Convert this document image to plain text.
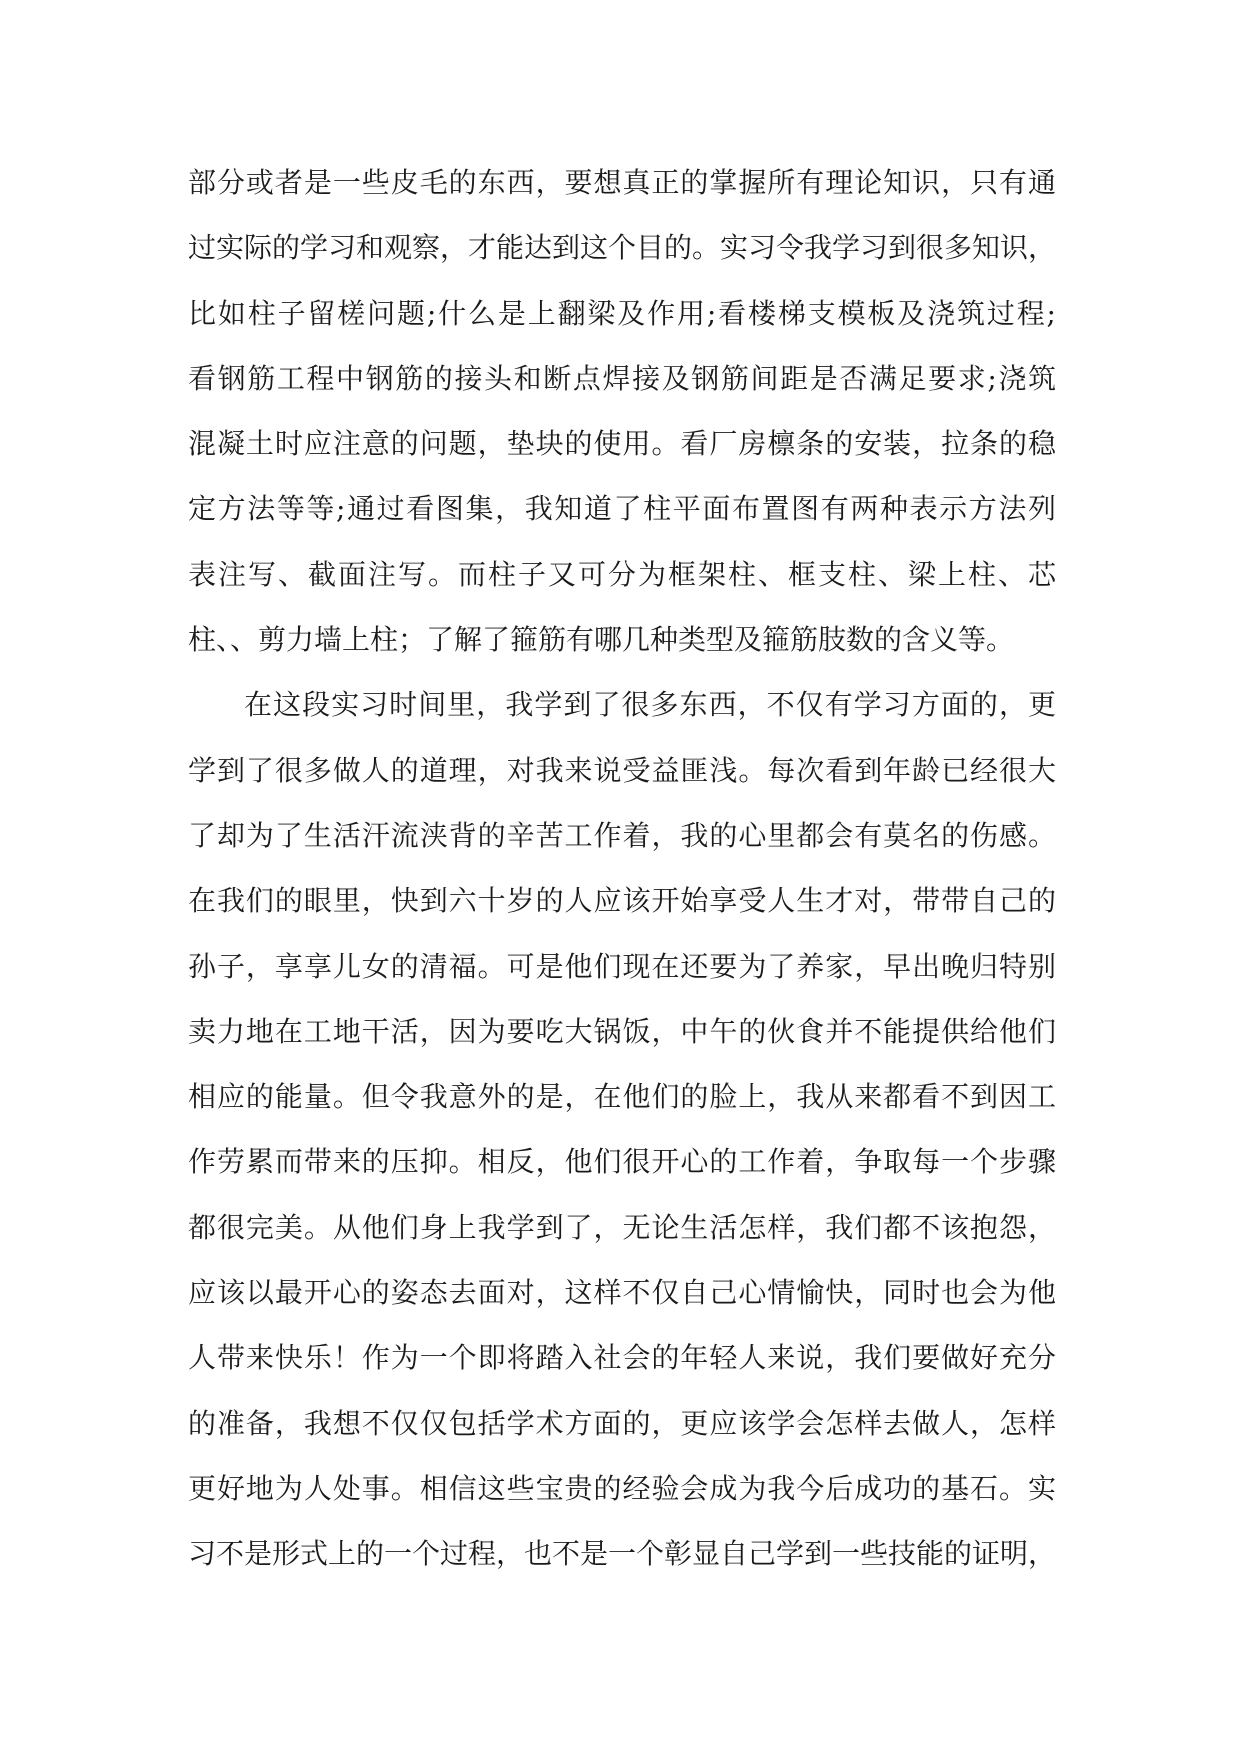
部分或者是一些皮毛的东西，要想真正的掌握所有理论知识，只有通
过实际的学习和观察，才能达到这个目的。实习令我学习到很多知识，
比如柱子留槎问题;什么是上翻梁及作用;看楼梯支模板及浇筑过程;
看钢筋工程中钢筋的接头和断点焊接及钢筋间距是否满足要求;浇筑
混凝土时应注意的问题，垫块的使用。看厂房檩条的安装，拉条的稳
定方法等等;通过看图集，我知道了柱平面布置图有两种表示方法列
表注写、截面注写。而柱子又可分为框架柱、框支柱、梁上柱、芯
柱、、剪力墙上柱；了解了箍筋有哪几种类型及箍筋肢数的含义等。
在这段实习时间里，我学到了很多东西，不仅有学习方面的，更
学到了很多做人的道理，对我来说受益匪浅。每次看到年龄已经很大
了却为了生活汗流浃背的辛苦工作着，我的心里都会有莫名的伤感。
在我们的眼里，快到六十岁的人应该开始享受人生才对，带带自己的
孙子，享享儿女的清福。可是他们现在还要为了养家，早出晚归特别
卖力地在工地干活，因为要吃大锅饭，中午的伙食并不能提供给他们
相应的能量。但令我意外的是，在他们的脸上，我从来都看不到因工
作劳累而带来的压抑。相反，他们很开心的工作着，争取每一个步骤
都很完美。从他们身上我学到了，无论生活怎样，我们都不该抱怨，
应该以最开心的姿态去面对，这样不仅自己心情愉快，同时也会为他
人带来快乐！作为一个即将踏入社会的年轻人来说，我们要做好充分
的准备，我想不仅仅包括学术方面的，更应该学会怎样去做人，怎样
更好地为人处事。相信这些宝贵的经验会成为我今后成功的基石。实
习不是形式上的一个过程，也不是一个彰显自己学到一些技能的证明，
